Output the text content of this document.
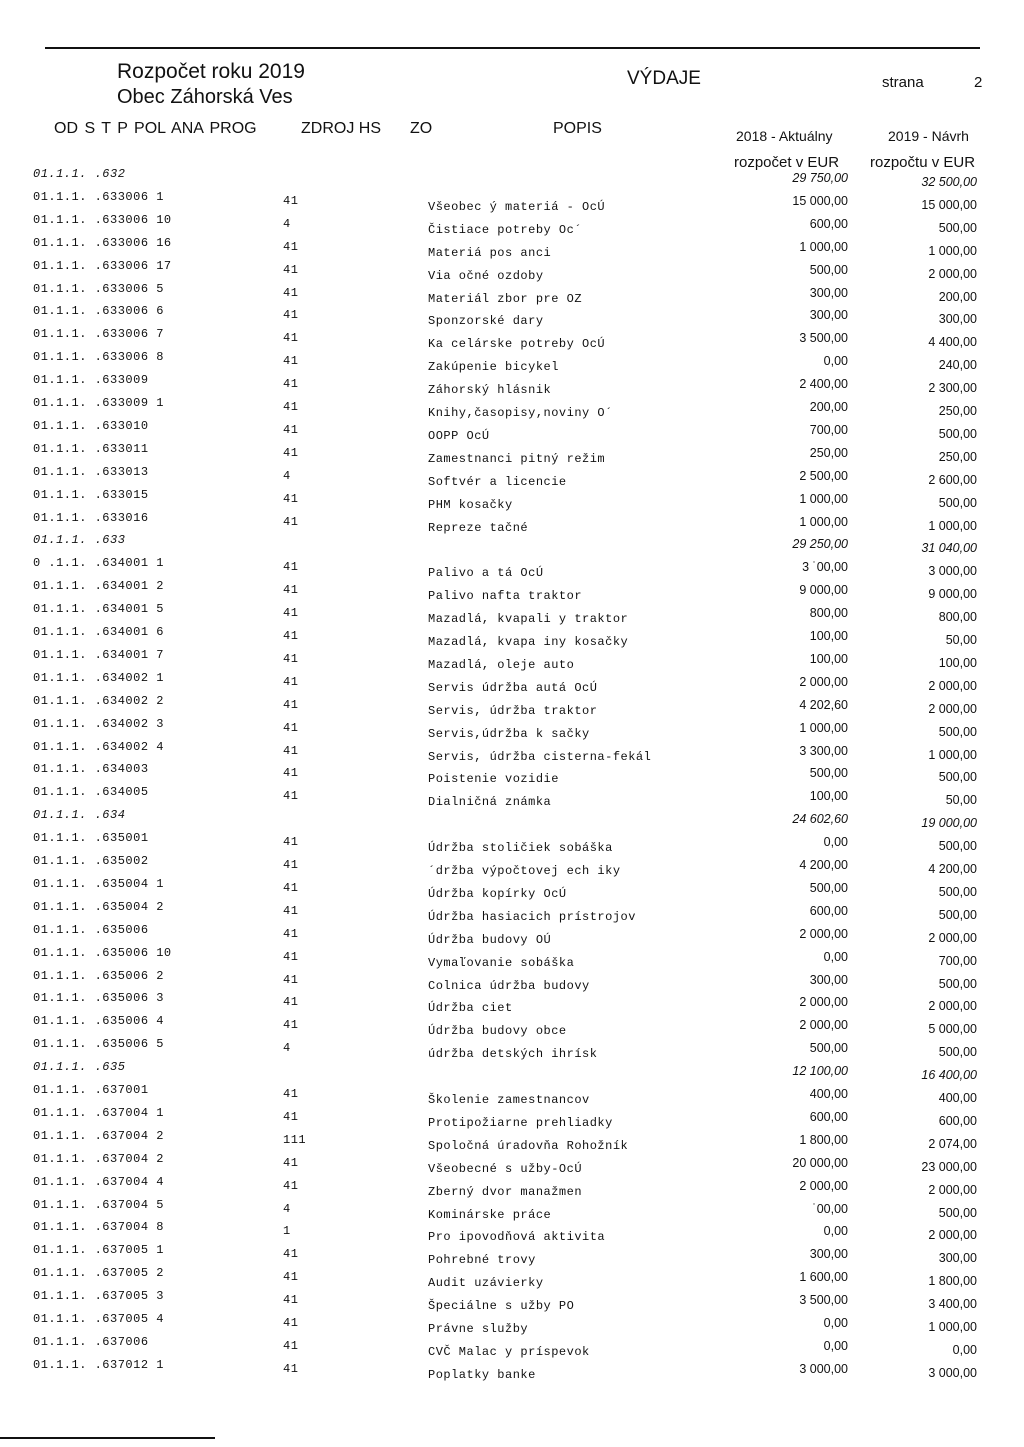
Rozpočet roku 2019
Obec Záhorská Ves
VÝDAJE	strana	2
OD S T P POL ANA PROG	ZDROJ HS ZO	POPIS	2018 - Aktuálny	2019 - Návrh
rozpočet v EUR rozpočtu v EUR
01.1.1. .632	29 750,00	32 500,00
01.1.1. .633006 1	41	Všeobec ý materiá - OcÚ	15 000,00	15 000,00
01.1.1. .633006 10	4	Čistiace potreby Oc´	600,00	500,00
01.1.1. .633006 16	41	Materiá pos anci	1 000,00	1 000,00
01.1.1. .633006 17	41	Via očné ozdoby	500,00	2 000,00
01.1.1. .633006 5	41	Materiál zbor pre OZ	300,00	200,00
01.1.1. .633006 6	41	Sponzorské dary	300,00	300,00
01.1.1. .633006 7	41	Ka celárske potreby OcÚ	3 500,00	4 400,00
01.1.1. .633006 8	41	Zakúpenie bicykel	0,00	240,00
01.1.1. .633009	41	Záhorský hlásnik	2 400,00	2 300,00
01.1.1. .633009 1	41	Knihy,časopisy,noviny O´	200,00	250,00
01.1.1. .633010	41	OOPP OcÚ	700,00	500,00
01.1.1. .633011	41	Zamestnanci pitný režim	250,00	250,00
01.1.1. .633013	4	Softvér a licencie	2 500,00	2 600,00
01.1.1. .633015	41	PHM kosačky	1 000,00	500,00
01.1.1. .633016	41	Repreze tačné	1 000,00	1 000,00
01.1.1. .633	29 250,00	31 040,00
0 .1.1. .634001 1	41	Palivo a tá OcÚ	3 ˙00,00	3 000,00
01.1.1. .634001 2	41	Palivo nafta traktor	9 000,00	9 000,00
01.1.1. .634001 5	41	Mazadlá, kvapali y traktor	800,00	800,00
01.1.1. .634001 6	41	Mazadlá, kvapa iny kosačky	100,00	50,00
01.1.1. .634001 7	41	Mazadlá, oleje auto	100,00	100,00
01.1.1. .634002 1	41	Servis údržba autá OcÚ	2 000,00	2 000,00
01.1.1. .634002 2	41	Servis, údržba traktor	4 202,60	2 000,00
01.1.1. .634002 3	41	Servis,údržba k sačky	1 000,00	500,00
01.1.1. .634002 4	41	Servis, údržba cisterna-fekál	3 300,00	1 000,00
01.1.1. .634003	41	Poistenie vozidie	500,00	500,00
01.1.1. .634005	41	Dialničná známka	100,00	50,00
01.1.1. .634	24 602,60	19 000,00
01.1.1. .635001	41	Údržba stoličiek sobáška	0,00	500,00
01.1.1. .635002	41	´držba výpočtovej ech iky	4 200,00	4 200,00
01.1.1. .635004 1	41	Údržba kopírky OcÚ	500,00	500,00
01.1.1. .635004 2	41	Údržba hasiacich prístrojov	600,00	500,00
01.1.1. .635006	41	Údržba budovy OÚ	2 000,00	2 000,00
01.1.1. .635006 10	41	Vymaľovanie sobáška	0,00	700,00
01.1.1. .635006 2	41	Colnica údržba budovy	300,00	500,00
01.1.1. .635006 3	41	Údržba ciet	2 000,00	2 000,00
01.1.1. .635006 4	41	Údržba budovy obce	2 000,00	5 000,00
01.1.1. .635006 5	4	údržba detských ihrísk	500,00	500,00
01.1.1. .635	12 100,00	16 400,00
01.1.1. .637001	41	Školenie zamestnancov	400,00	400,00
01.1.1. .637004 1	41	Protipožiarne prehliadky	600,00	600,00
01.1.1. .637004 2	111	Spoločná úradovňa Rohožník	1 800,00	2 074,00
01.1.1. .637004 2	41	Všeobecné s užby-OcÚ	20 000,00	23 000,00
01.1.1. .637004 4	41	Zberný dvor manažmen	2 000,00	2 000,00
01.1.1. .637004 5	4	Kominárske práce	˙00,00	500,00
01.1.1. .637004 8	1	Pro ipovodňová aktivita	0,00	2 000,00
01.1.1. .637005 1	41	Pohrebné trovy	300,00	300,00
01.1.1. .637005 2	41	Audit uzávierky	1 600,00	1 800,00
01.1.1. .637005 3	41	Špeciálne s užby PO	3 500,00	3 400,00
01.1.1. .637005 4	41	Právne služby	0,00	1 000,00
01.1.1. .637006	41	CVČ Malac y príspevok	0,00	0,00
01.1.1. .637012 1	41	Poplatky banke	3 000,00	3 000,00
